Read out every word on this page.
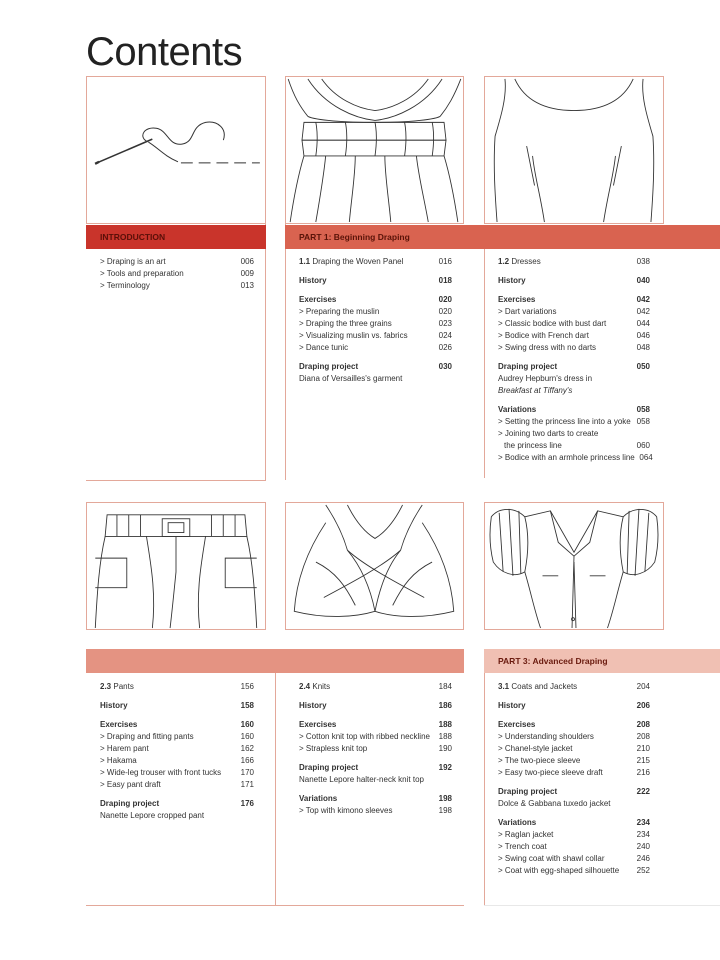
Contents
INTRODUCTION	PART 1: Beginning Draping
> Draping is an art	006
> Tools and preparation	009
> Terminology	013
1.1 Draping the Woven Panel	016
History	018
Exercises	020
> Preparing the muslin	020
> Draping the three grains	023
> Visualizing muslin vs. fabrics	024
> Dance tunic	026
Draping project	030
Diana of Versailles's garment
1.2 Dresses	038
History	040
Exercises	042
> Dart variations	042
> Classic bodice with bust dart	044
> Bodice with French dart	046
> Swing dress with no darts	048
Draping project	050
Audrey Hepburn's dress in
Breakfast at Tiffany's
Variations	058
> Setting the princess line into a yoke 058
> Joining two darts to create
the princess line	060
> Bodice with an armhole princess line 064
PART 3: Advanced Draping
2.3 Pants	156
History	158
Exercises	160
> Draping and fitting pants	160
> Harem pant	162
> Hakama	166
> Wide-leg trouser with front tucks	170
> Easy pant draft	171
Draping project	176
Nanette Lepore cropped pant
2.4 Knits	184
History	186
Exercises	188
> Cotton knit top with ribbed neckline	188
> Strapless knit top	190
Draping project	192
Nanette Lepore halter-neck knit top
Variations	198
> Top with kimono sleeves	198
3.1 Coats and Jackets	204
History	206
Exercises	208
> Understanding shoulders	208
> Chanel-style jacket	210
> The two-piece sleeve	215
> Easy two-piece sleeve draft	216
Draping project	222
Dolce & Gabbana tuxedo jacket
Variations	234
> Raglan jacket	234
> Trench coat	240
> Swing coat with shawl collar	246
> Coat with egg-shaped silhouette	252
